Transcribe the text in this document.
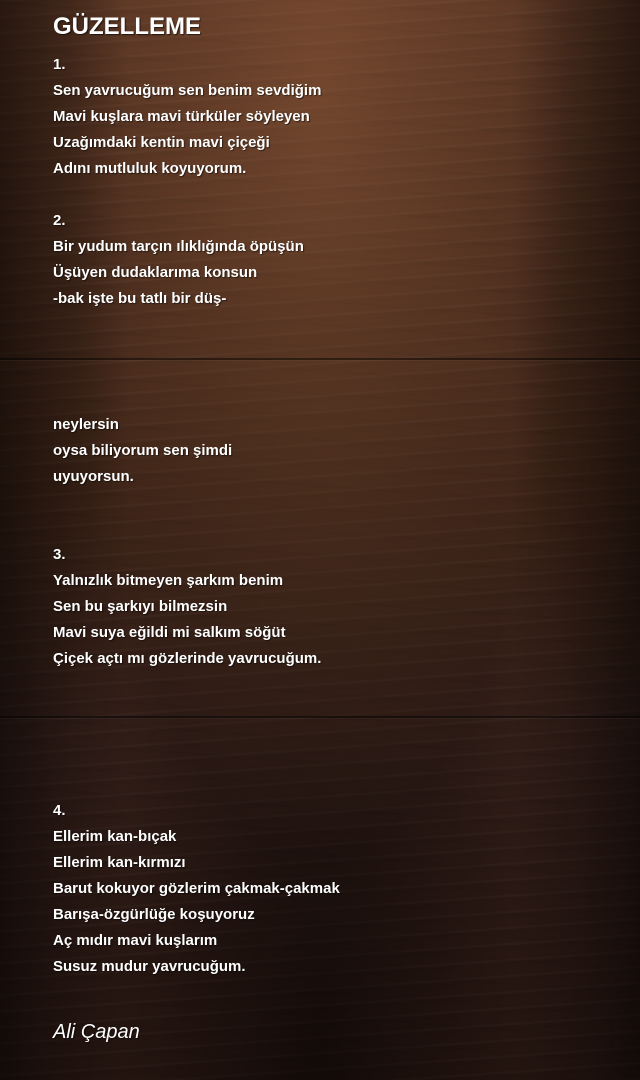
GÜZELLEME
1.
Sen yavrucuğum sen benim sevdiğim
Mavi kuşlara mavi türküler söyleyen
Uzağımdaki kentin mavi çiçeği
Adını mutluluk koyuyorum.
2.
Bir yudum tarçın ılıklığında öpüşün
Üşüyen dudaklarıma konsun
-bak işte bu tatlı bir düş-
neylersin
oysa biliyorum sen şimdi
uyuyorsun.
3.
Yalnızlık bitmeyen şarkım benim
Sen bu şarkıyı bilmezsin
Mavi suya eğildi mi salkım söğüt
Çiçek açtı mı gözlerinde yavrucuğum.
4.
Ellerim kan-bıçak
Ellerim kan-kırmızı
Barut kokuyor gözlerim çakmak-çakmak
Barışa-özgürlüğe koşuyoruz
Aç mıdır mavi kuşlarım
Susuz mudur yavrucuğum.
Ali Çapan
